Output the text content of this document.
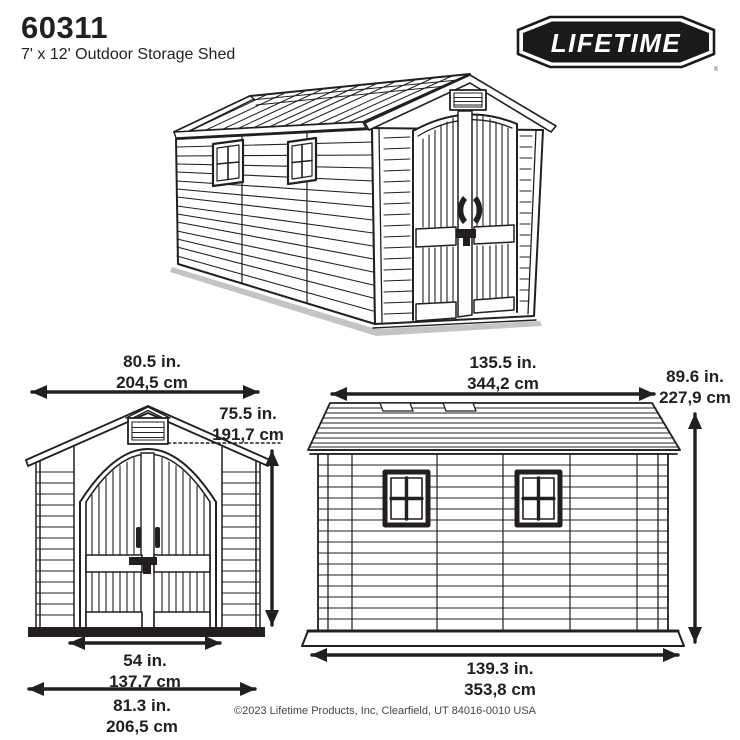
60311
7' x 12' Outdoor Storage Shed	LIFETIME
®
80.5 in.
204,5 cm
75.5 in.
191,7 cm
54 in.
137,7 cm
81.3 in.
206,5 cm
135.5 in.
344,2 cm	89.6 in.
227,9 cm
139.3 in.
353,8 cm
©2023 Lifetime Products, Inc, Clearfield, UT 84016-0010 USA
